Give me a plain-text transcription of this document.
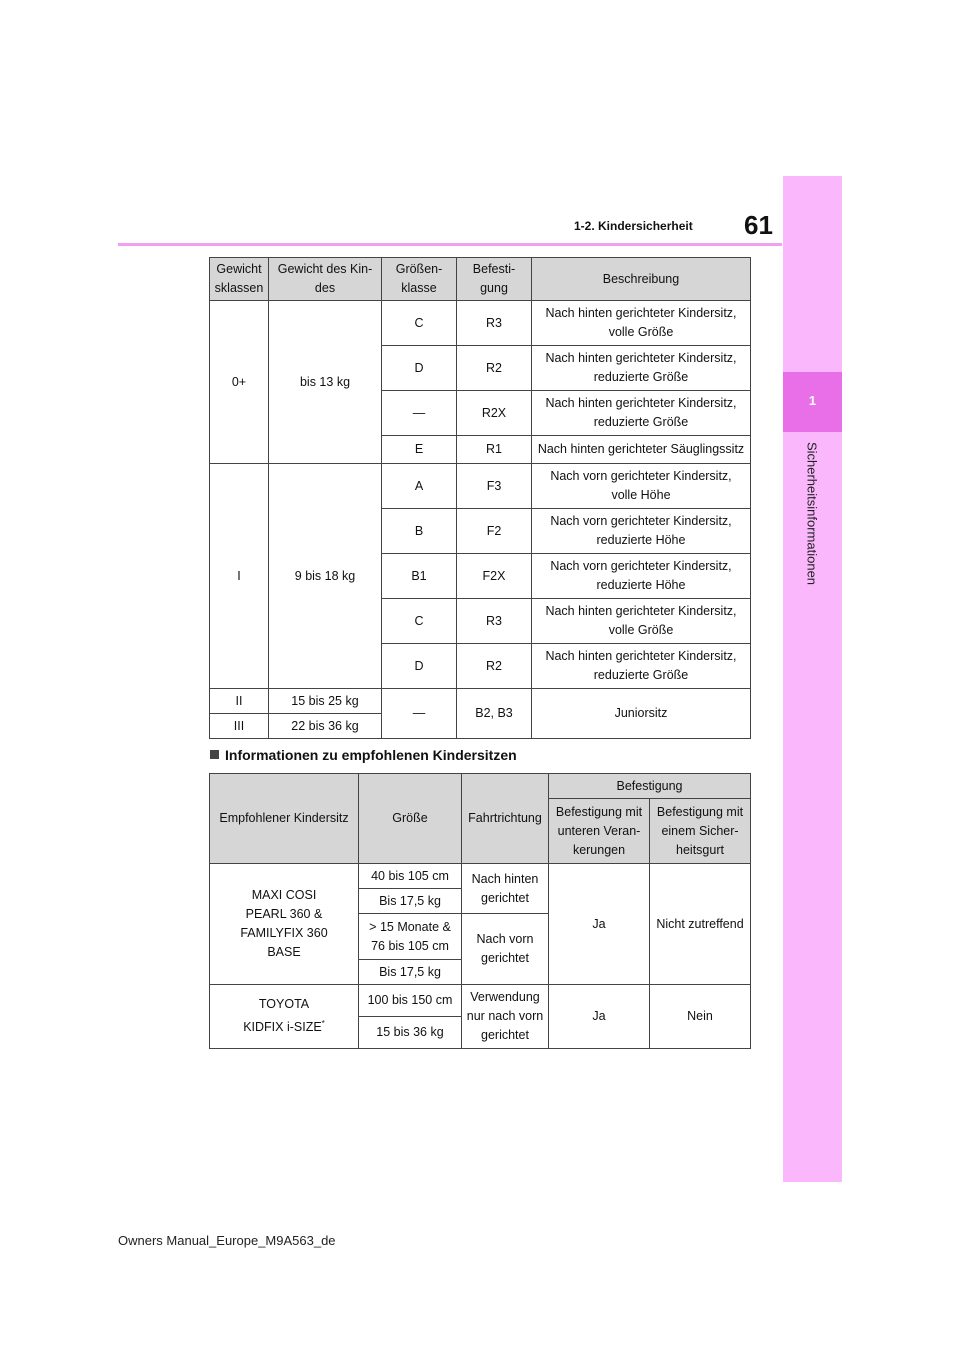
61
1-2. Kindersicherheit
1
Sicherheitsinformationen
Gewicht sklassen	Gewicht des Kin- des	Größen- klasse	Befesti- gung	Beschreibung
0+	bis 13 kg	C	R3	Nach hinten gerichteter Kindersitz, volle Größe
		D	R2	Nach hinten gerichteter Kindersitz, reduzierte Größe
		—	R2X	Nach hinten gerichteter Kindersitz, reduzierte Größe
		E	R1	Nach hinten gerichteter Säuglingssitz
I	9 bis 18 kg	A	F3	Nach vorn gerichteter Kindersitz, volle Höhe
		B	F2	Nach vorn gerichteter Kindersitz, reduzierte Höhe
		B1	F2X	Nach vorn gerichteter Kindersitz, reduzierte Höhe
		C	R3	Nach hinten gerichteter Kindersitz, volle Größe
		D	R2	Nach hinten gerichteter Kindersitz, reduzierte Größe
II	15 bis 25 kg	—	B2, B3	Juniorsitz
III	22 bis 36 kg			
Informationen zu empfohlenen Kindersitzen
Empfohlener Kindersitz	Größe	Fahrtrichtung	Befestigung	
			Befestigung mit unteren Veran- kerungen	Befestigung mit einem Sicher- heitsgurt
MAXI COSI PEARL 360 & FAMILYFIX 360 BASE	40 bis 105 cm	Nach hinten gerichtet	Ja	Nicht zutreffend
	Bis 17,5 kg			
	> 15 Monate & 76 bis 105 cm	Nach vorn gerichtet		
	Bis 17,5 kg			
TOYOTA KIDFIX i-SIZE*	100 bis 150 cm	Verwendung nur nach vorn gerichtet	Ja	Nein
	15 bis 36 kg			
Owners Manual_Europe_M9A563_de
